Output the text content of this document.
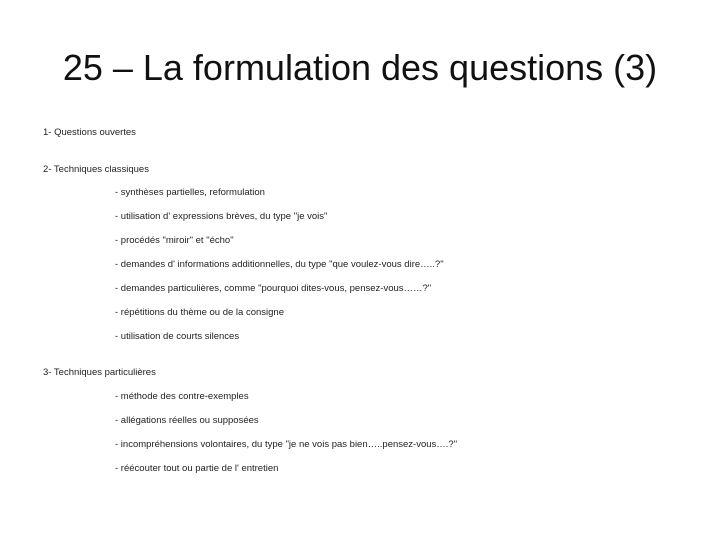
25 – La formulation des questions (3)
1- Questions ouvertes
2- Techniques classiques
- synthèses partielles, reformulation
- utilisation d' expressions brèves, du type "je vois"
- procédés "miroir" et "écho"
- demandes d' informations additionnelles, du type "que voulez-vous dire…..?"
- demandes particulières, comme "pourquoi dites-vous, pensez-vous……?"
- répétitions du thème ou de la consigne
- utilisation de courts silences
3- Techniques particulières
- méthode des contre-exemples
- allégations réelles ou supposées
- incompréhensions volontaires, du type "je ne vois pas bien…..pensez-vous….?"
- réécouter tout ou partie de l' entretien
